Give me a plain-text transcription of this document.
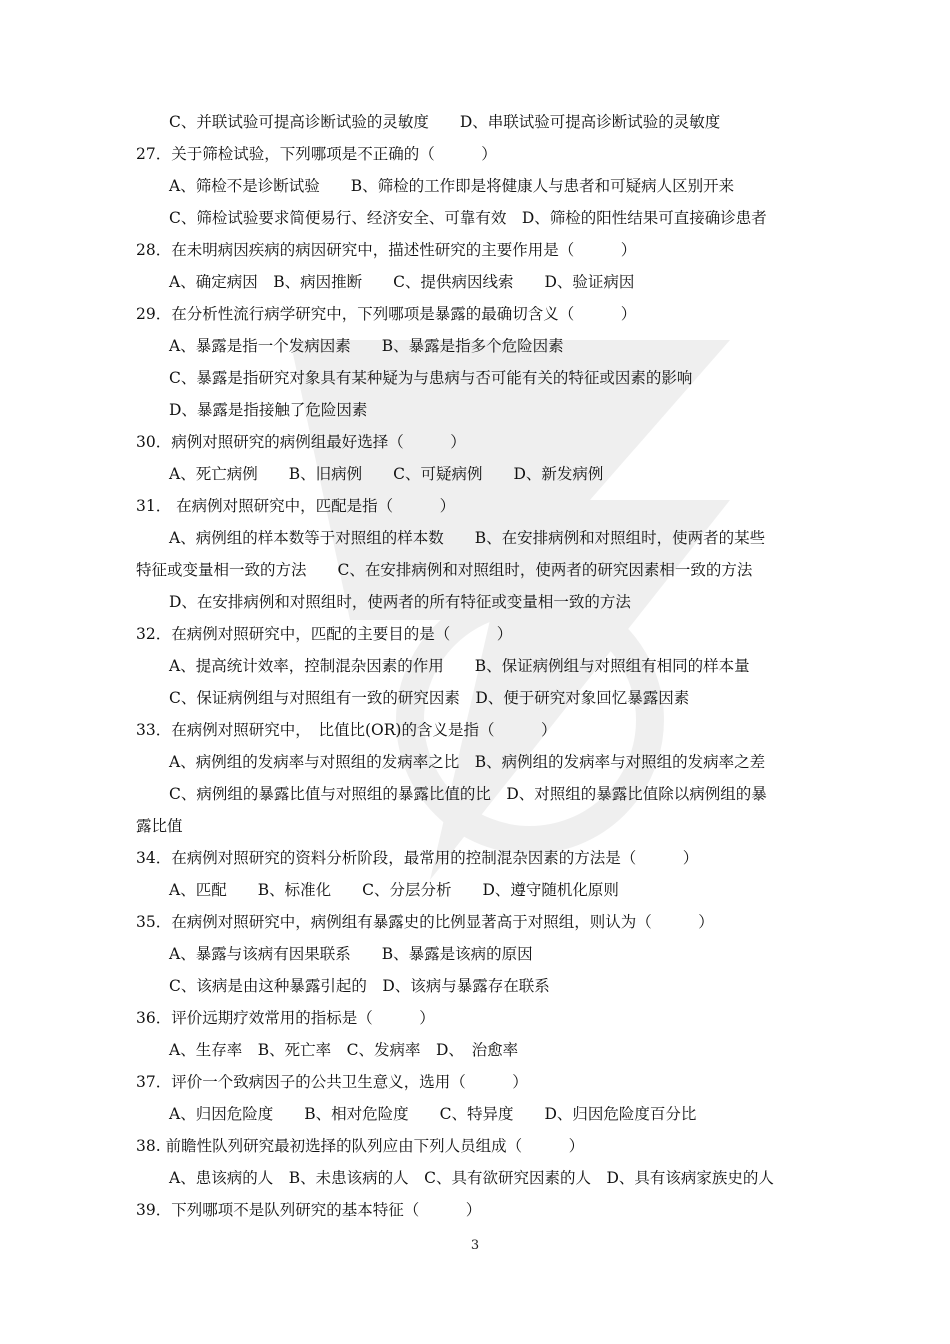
C、并联试验可提高诊断试验的灵敏度　　D、串联试验可提高诊断试验的灵敏度
27．关于筛检试验，下列哪项是不正确的（　　　）
A、筛检不是诊断试验　　B、筛检的工作即是将健康人与患者和可疑病人区别开来
C、筛检试验要求简便易行、经济安全、可靠有效　D、筛检的阳性结果可直接确诊患者
28．在未明病因疾病的病因研究中，描述性研究的主要作用是（　　　）
A、确定病因　B、病因推断　　C、提供病因线索　　D、验证病因
29．在分析性流行病学研究中，下列哪项是暴露的最确切含义（　　　）
A、暴露是指一个发病因素　　B、暴露是指多个危险因素
C、暴露是指研究对象具有某种疑为与患病与否可能有关的特征或因素的影响
D、暴露是指接触了危险因素
30．病例对照研究的病例组最好选择（　　　）
A、死亡病例　　B、旧病例　　C、可疑病例　　D、新发病例
31． 在病例对照研究中，匹配是指（　　　）
A、病例组的样本数等于对照组的样本数　　B、在安排病例和对照组时，使两者的某些
特征或变量相一致的方法　　C、在安排病例和对照组时，使两者的研究因素相一致的方法
D、在安排病例和对照组时，使两者的所有特征或变量相一致的方法
32．在病例对照研究中，匹配的主要目的是（　　　）
A、提高统计效率，控制混杂因素的作用　　B、保证病例组与对照组有相同的样本量
C、保证病例组与对照组有一致的研究因素　D、便于研究对象回忆暴露因素
33．在病例对照研究中，　比值比(OR)的含义是指（　　　）
A、病例组的发病率与对照组的发病率之比　B、病例组的发病率与对照组的发病率之差
C、病例组的暴露比值与对照组的暴露比值的比　D、对照组的暴露比值除以病例组的暴
露比值
34．在病例对照研究的资料分析阶段，最常用的控制混杂因素的方法是（　　　）
A、匹配　　B、标准化　　C、分层分析　　D、遵守随机化原则
35．在病例对照研究中，病例组有暴露史的比例显著高于对照组，则认为（　　　）
A、暴露与该病有因果联系　　B、暴露是该病的原因
C、该病是由这种暴露引起的　D、该病与暴露存在联系
36．评价远期疗效常用的指标是（　　　）
A、生存率　B、死亡率　C、发病率　D、　治愈率
37．评价一个致病因子的公共卫生意义，选用（　　　）
A、归因危险度　　B、相对危险度　　C、特异度　　D、归因危险度百分比
38. 前瞻性队列研究最初选择的队列应由下列人员组成（　　　）
A、患该病的人　B、未患该病的人　C、具有欲研究因素的人　D、具有该病家族史的人
39．下列哪项不是队列研究的基本特征（　　　）
3
